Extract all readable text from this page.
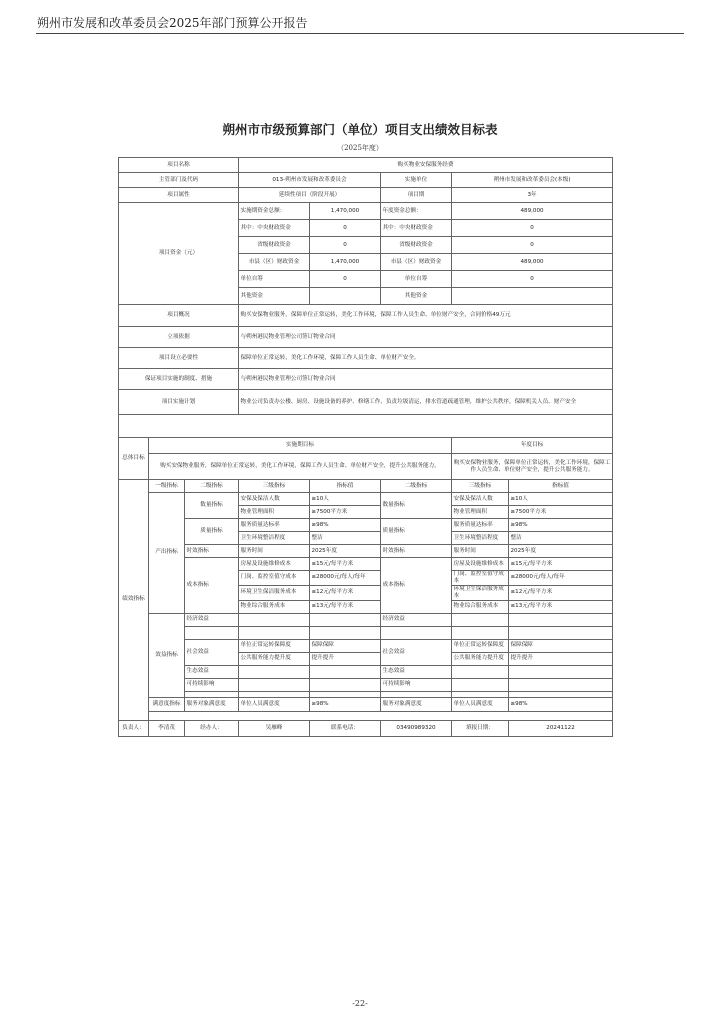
朔州市发展和改革委员会2025年部门预算公开报告
朔州市市级预算部门（单位）项目支出绩效目标表
（2025年度）
项目名称			购买物业安保服务经费				
主管部门及代码			013-朔州市发展和改革委员会		实施单位	朔州市发展和改革委员会(本级)	
项目属性			延续性项目（阶段开展）		项目期	3年	
项目资金（元）			实施期资金总额：	1,470,000	年度资金总额：	489,000	
			其中：中央财政资金	0	其中：中央财政资金	0	
			省级财政资金	0	省级财政资金	0	
			市县（区）财政资金	1,470,000	市县（区）财政资金	489,000	
			单位自筹	0	单位自筹	0	
			其他资金		其他资金		
项目概况			购买安保物业服务，保障单位正常运转，美化工作环境，保障工作人员生命、单位财产安全，合同价格49万元				
立项依据			与朔州港民物业管理公司签订物业合同				
项目设立必要性			保障单位正常运转，美化工作环境，保障工作人员生命、单位财产安全。				
保证项目实施的制度、措施			与朔州港民物业管理公司签订物业合同				
项目实施计划			物业公司负责办公楼、厨房、设施设备的养护、修缮工作，负责垃圾清运，排水管道疏通管理，维护公共秩序，保障机关人员、财产安全				

总体目标	实施期目标					年度目标	
	购买安保物业服务，保障单位正常运转，美化工作环境，保障工作人员生命、单位财产安全，提升公共服务能力。					购买安保物业服务，保障单位正常运转，美化工作环境，保障工作人员生命、单位财产安全，提升公共服务能力。	
绩效指标	一级指标	二级指标	三级指标	指标值	二级指标	三级指标	指标值
	产出指标	数量指标	安保及保洁人数	≥10人	数量指标	安保及保洁人数	≥10人
			物业管理面积	≥7500平方米		物业管理面积	≥7500平方米
		质量指标	服务质量达标率	≥98%	质量指标	服务质量达标率	≥98%
			卫生环境整洁程度	整洁		卫生环境整洁程度	整洁
		时效指标	服务时间	2025年度	时效指标	服务时间	2025年度
		成本指标	房屋及设施维修成本	≤15元/每平方米	成本指标	房屋及设施维修成本	≤15元/每平方米
			门岗、监控室值守成本	≤28000元/每人/每年		门岗、监控室值守成本	≤28000元/每人/每年
			环境卫生保洁服务成本	≤12元/每平方米		环境卫生保洁服务成本	≤12元/每平方米
			物业综合服务成本	≤13元/每平方米		物业综合服务成本	≤13元/每平方米
	效益指标	经济效益			经济效益		

		社会效益	单位正常运转保障度	保障保障	社会效益	单位正常运转保障度	保障保障
			公共服务能力提升度	提升提升		公共服务能力提升度	提升提升
		生态效益			生态效益		
		可持续影响			可持续影响		

	满意度指标	服务对象满意度	单位人员满意度	≥98%	服务对象满意度	单位人员满意度	≥98%

负责人：	李清茂	经办人：	吴雁峰	联系电话：	03490989320	填报日期：	20241122
-22-
